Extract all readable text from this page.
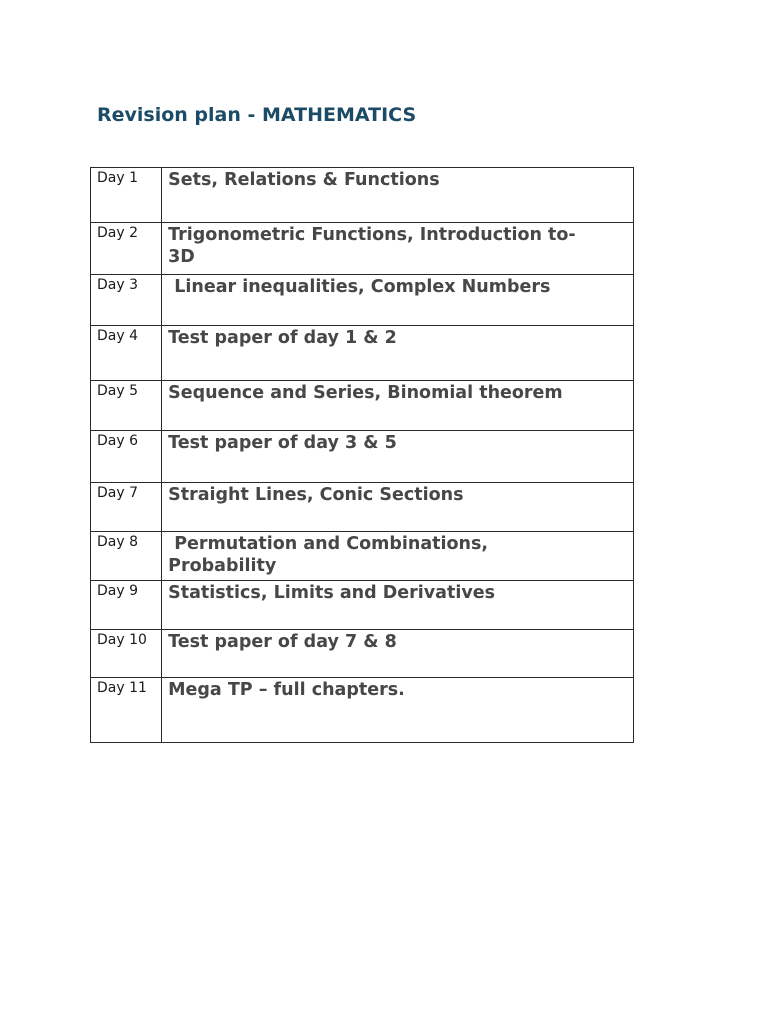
Revision plan - MATHEMATICS
Day 1	Sets, Relations & Functions

Day 2	Trigonometric Functions, Introduction to-
3D

Day 3	Linear inequalities, Complex Numbers

Day 4	Test paper of day 1 & 2

Day 5	Sequence and Series, Binomial theorem

Day 6	Test paper of day 3 & 5

Day 7	Straight Lines, Conic Sections

Day 8	Permutation and Combinations,
Probability

Day 9	Statistics, Limits and Derivatives

Day 10	Test paper of day 7 & 8

Day 11	Mega TP – full chapters.
